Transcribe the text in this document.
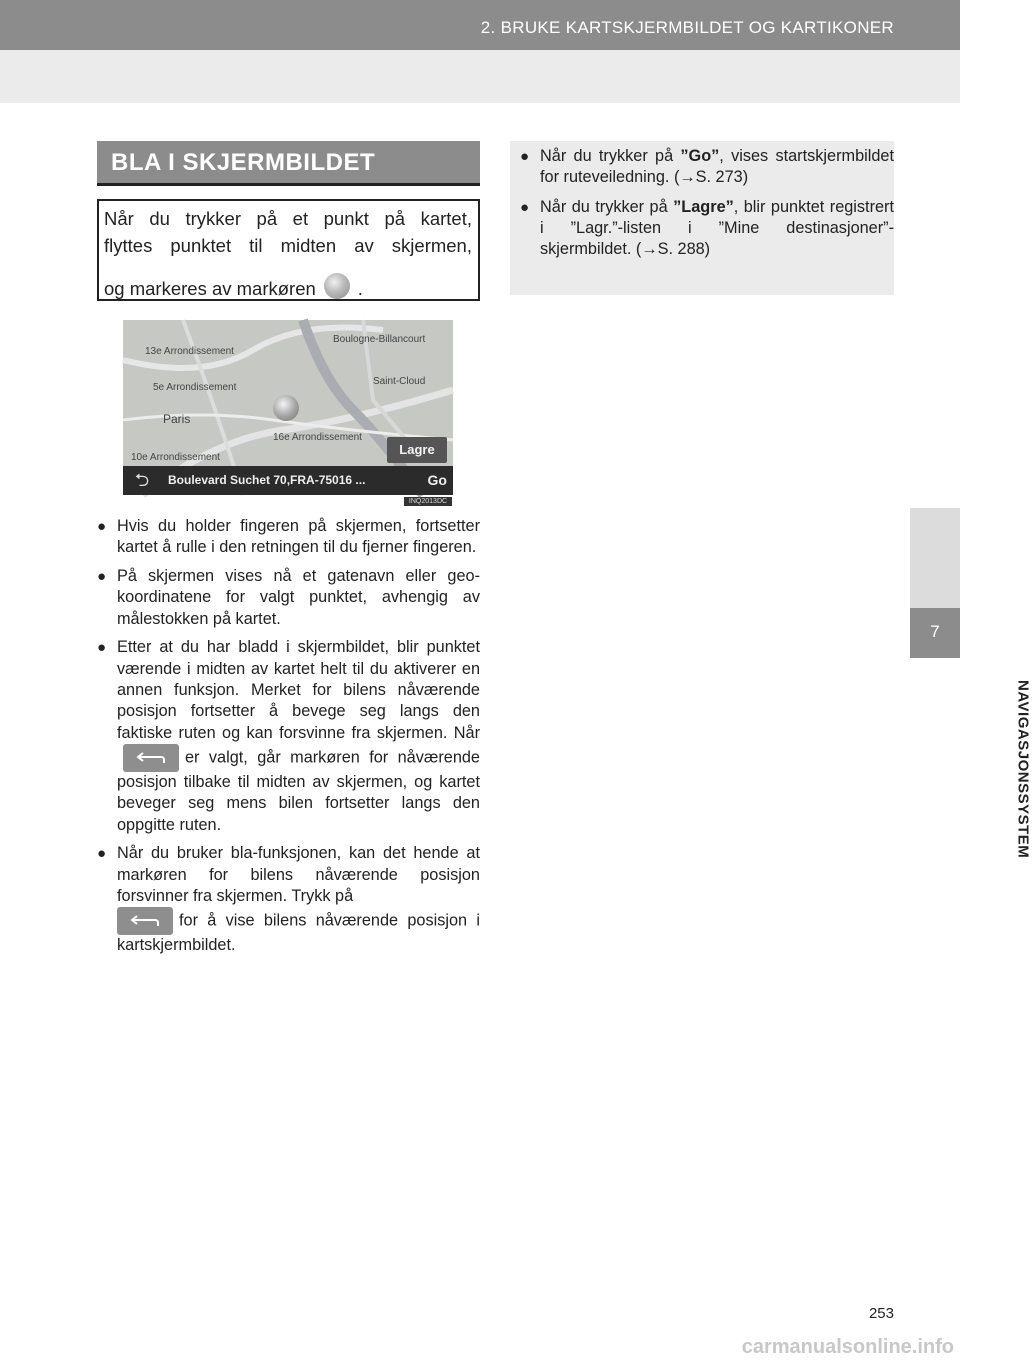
2. BRUKE KARTSKJERMBILDET OG KARTIKONER
7
NAVIGASJONSSYSTEM
BLA I SKJERMBILDET

Når du trykker på et punkt på kartet,

flyttes punktet til midten av skjermen,

og markeres av markøren .

13e Arrondissement
5e Arrondissement
Paris
Saint-Cloud
Boulogne-Billancourt
16e Arrondissement
10e Arrondissement
Lagre
⮌	Boulevard Suchet 70,FRA-75016 ...	Go
INQ2013DC
● Hvis du holder fingeren på skjermen, fortsetter kartet å rulle i den retningen til du fjerner fingeren.
● På skjermen vises nå et gatenavn eller geo-koordinatene for valgt punktet, avhengig av målestokken på kartet.
● Etter at du har bladd i skjermbildet, blir punktet værende i midten av kartet helt til du aktiverer en annen funksjon. Merket for bilens nåværende posisjon fortsetter å bevege seg langs den faktiske ruten og kan forsvinne fra skjermen. Når
er valgt, går markøren for nåværende posisjon tilbake til midten av skjermen, og kartet beveger seg mens bilen fortsetter langs den oppgitte ruten.
● Når du bruker bla-funksjonen, kan det hende at markøren for bilens nåværende posisjon forsvinner fra skjermen. Trykk på

for å vise bilens nåværende posisjon i kartskjermbildet.
● Når du trykker på ”Go”, vises startskjermbildet for ruteveiledning. (→S. 273)
● Når du trykker på ”Lagre”, blir punktet registrert i ”Lagr.”-listen i ”Mine destinasjoner”-skjermbildet. (→S. 288)
253
carmanualsonline.info
